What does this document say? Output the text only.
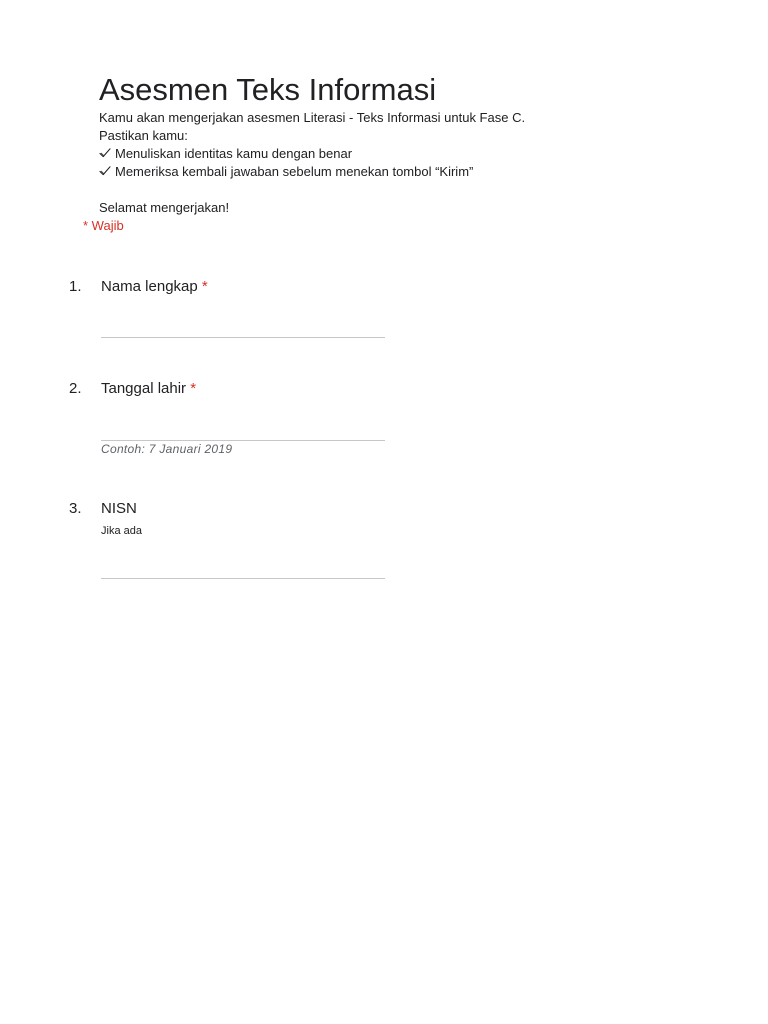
Asesmen Teks Informasi
Kamu akan mengerjakan asesmen Literasi - Teks Informasi untuk Fase C.
Pastikan kamu:
Menuliskan identitas kamu dengan benar
Memeriksa kembali jawaban sebelum menekan tombol “Kirim”
Selamat mengerjakan!
* Wajib
1. Nama lengkap *
2. Tanggal lahir *
Contoh: 7 Januari 2019
3. NISN
Jika ada
